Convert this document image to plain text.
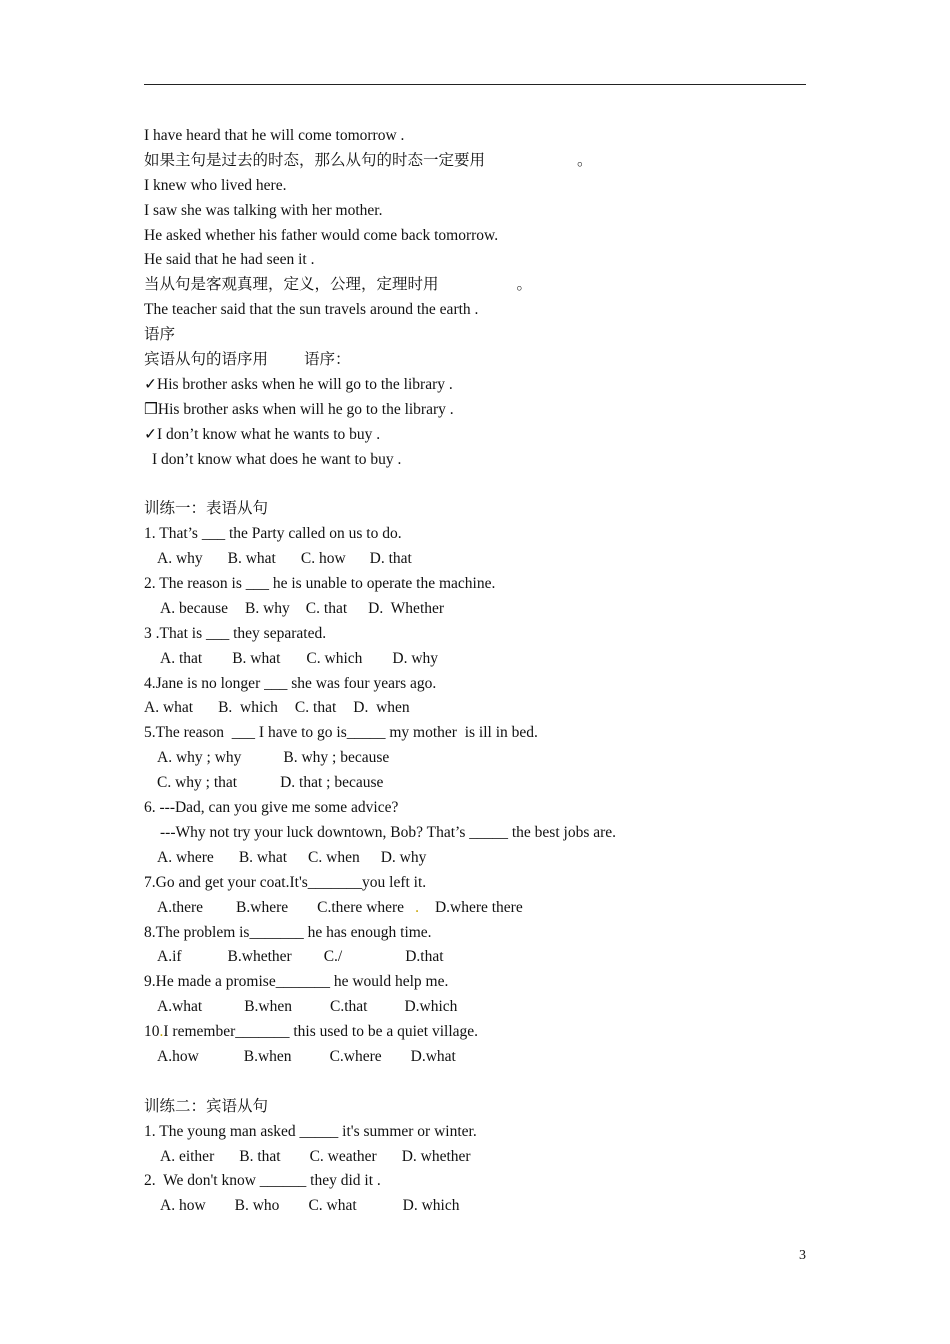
I have heard that he will come tomorrow .
如果主句是过去的时态，那么从句的时态一定要用	。
I knew who lived here.
I saw she was talking with her mother.
He asked whether his father would come back tomorrow.
He said that he had seen it .
当从句是客观真理，定义，公理，定理时用	。
The teacher said that the sun travels around the earth .
语序
宾语从句的语序用 语序：
✓His brother asks when he will go to the library .
❒His brother asks when will he go to the library .
✓I don’t know what he wants to buy .
I don’t know what does he want to buy .
训练一：表语从句
1. That’s ___ the Party called on us to do.
A. why B. what C. how D. that
2. The reason is ___ he is unable to operate the machine.
A. because B. why C. that D.  Whether
3 .That is ___ they separated.
A. that B. what C. which D. why
4.Jane is no longer ___ she was four years ago.
A. what B.  which C. that D.  when
5.The reason  ___ I have to go is_____ my mother  is ill in bed.
A. why ; why	B. why ; because
C. why ; that	D. that ; because
6. ---Dad, can you give me some advice?
---Why not try your luck downtown, Bob? That’s _____ the best jobs are.
A. where B. what C. when D. why
7.Go and get your coat.It's_______you left it.
A.there B.where C.there where . D.where there
8.The problem is_______ he has enough time.
A.if	B.whether C./	D.that
9.He made a promise_______ he would help me.
A.what	B.when C.that D.which
10.I remember_______ this used to be a quiet village.
A.how	B.when C.where D.what
训练二：宾语从句
1. The young man asked _____ it's summer or winter.
A. either B. that C. weather D. whether
2.  We don't know ______ they did it .
A. how B. who C. what	D. which
3
